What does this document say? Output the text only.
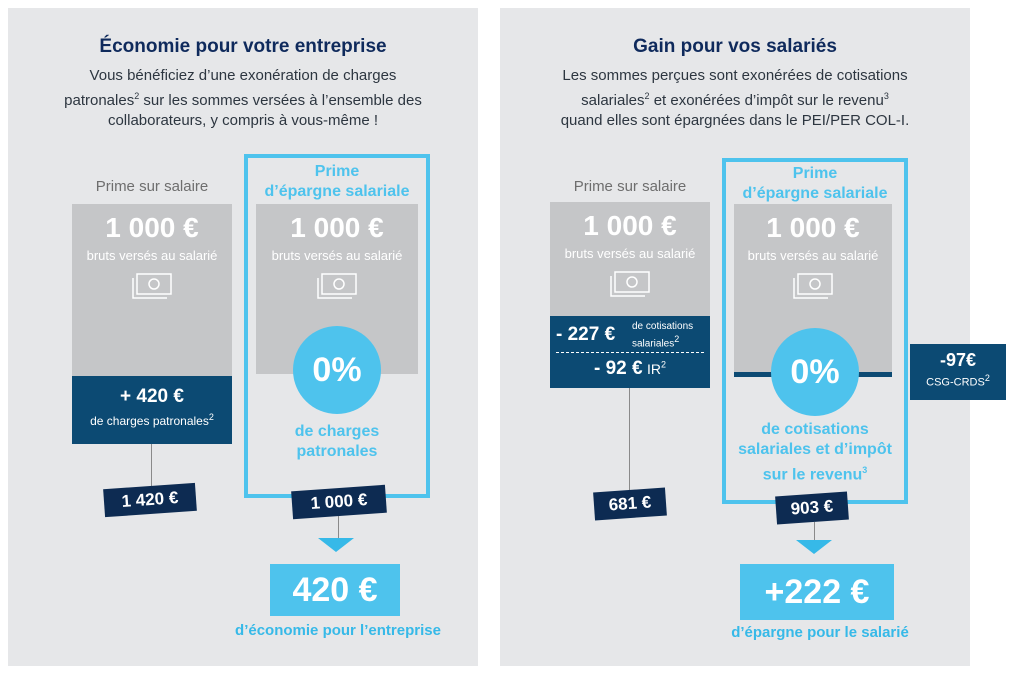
Économie pour votre entreprise
Vous bénéficiez d’une exonération de charges
patronales$^2$ sur les sommes versées à l’ensemble des
collaborateurs, y compris à vous-même !
Prime sur salaire
1 000 €
bruts versés au salarié
+ 420 €
de charges patronales$^2$
1 420 €
Prime
d’épargne salariale
1 000 €
bruts versés au salarié
0%
de charges
patronales
1 000 €
420 €
d’économie pour l’entreprise
Gain pour vos salariés
Les sommes perçues sont exonérées de cotisations
salariales$^2$ et exonérées d’impôt sur le revenu$^3$
quand elles sont épargnées dans le PEI/PER COL-I.
Prime sur salaire
1 000 €
bruts versés au salarié
- 227 € de cotisations
salariales$^2$
- 92 € $IR^2$
681 €
Prime
d’épargne salariale
1 000 €
bruts versés au salarié
-97€
CSG-CRDS$^2$
0%
de cotisations
salariales et d’impôt
sur le revenu$^3$
903 €
+222 €
d’épargne pour le salarié
